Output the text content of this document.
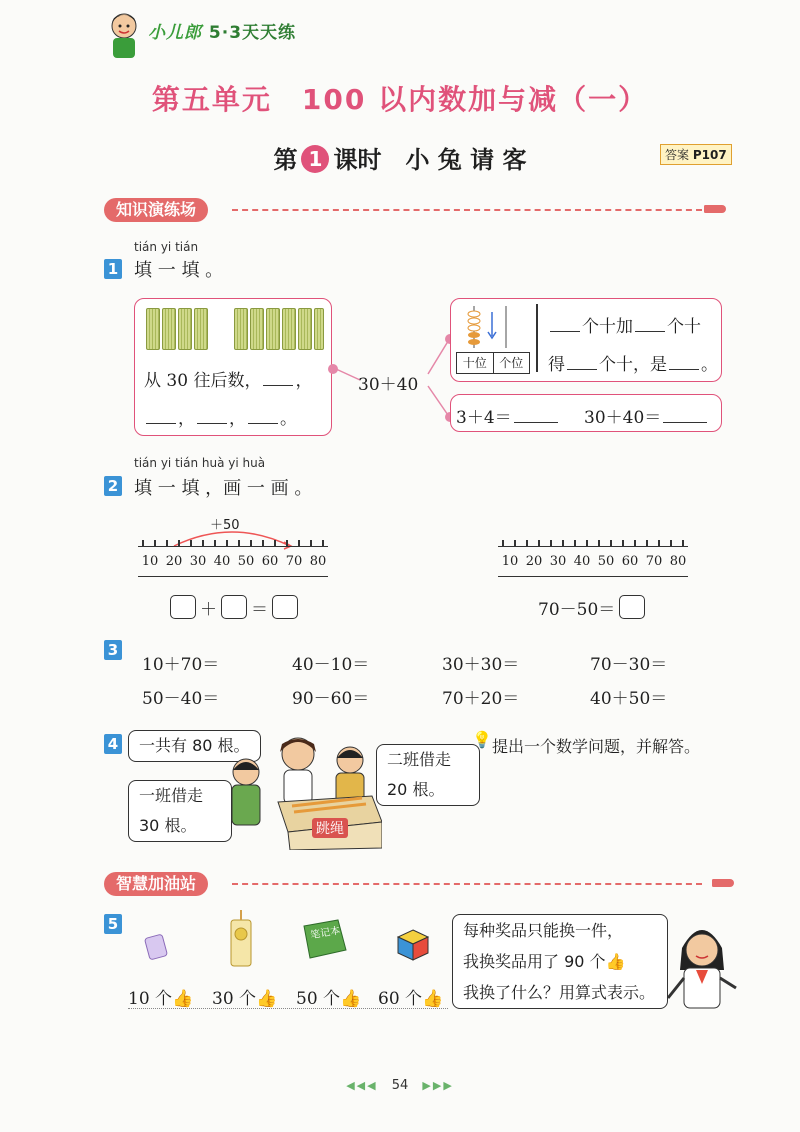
小儿郎 5·3天天练
第五单元　100 以内数加与减（一）
第 1 课时　小 兔 请 客	答案 P107
知识演练场
tián yi tián
1 填 一 填 。
从 30 往后数， ，
， ， 。
30＋40
十位	个位
个十加 个十
得 个十，是 。
3＋4＝	30＋40＝
tián yi tián huà yi huà
2 填 一 填 ，画 一 画 。
＋50
10 20 30 40 50 60 70 80
＋ ＝
10 20 30 40 50 60 70 80
70－50＝
3
10＋70＝	40－10＝	30＋30＝	70－30＝
50－40＝	90－60＝	70＋20＝	40＋50＝
4	一共有 80 根。
一班借走
30 根。
二班借走
20 根。
跳绳
💡 提出一个数学问题，并解答。
智慧加油站
5
笔记本
10 个👍 30 个👍 50 个👍 60 个👍
每种奖品只能换一件，
我换奖品用了 90 个👍
我换了什么？用算式表示。
◀◀◀ 54 ▶▶▶
